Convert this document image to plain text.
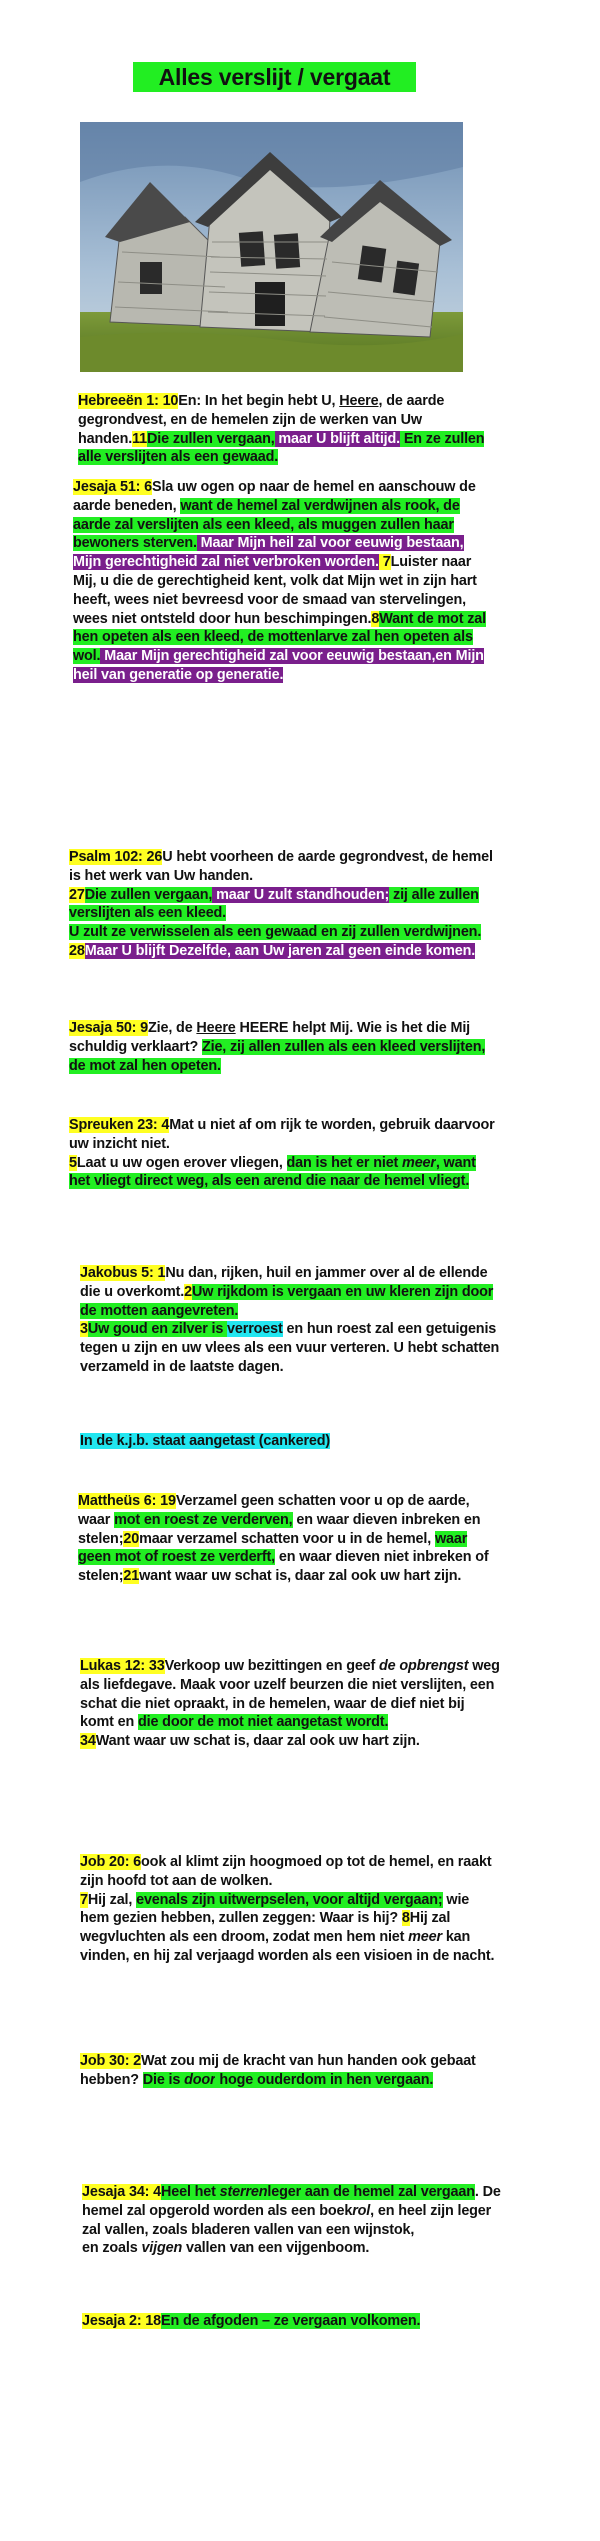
Alles verslijt / vergaat
Hebreeën 1: 10En: In het begin hebt U, Heere, de aarde gegrondvest, en de hemelen zijn de werken van Uw handen.11Die zullen vergaan, maar U blijft altijd. En ze zullen alle verslijten als een gewaad.
Jesaja 51: 6Sla uw ogen op naar de hemel en aanschouw de aarde beneden, want de hemel zal verdwijnen als rook, de aarde zal verslijten als een kleed, als muggen zullen haar bewoners sterven. Maar Mijn heil zal voor eeuwig bestaan, Mijn gerechtigheid zal niet verbroken worden. 7Luister naar Mij, u die de gerechtigheid kent, volk dat Mijn wet in zijn hart heeft, wees niet bevreesd voor de smaad van stervelingen, wees niet ontsteld door hun beschimpingen.8Want de mot zal hen opeten als een kleed, de mottenlarve zal hen opeten als wol. Maar Mijn gerechtigheid zal voor eeuwig bestaan,en Mijn heil van generatie op generatie.
Psalm 102: 26U hebt voorheen de aarde gegrondvest, de hemel is het werk van Uw handen.
27Die zullen vergaan, maar U zult standhouden; zij alle zullen verslijten als een kleed.
U zult ze verwisselen als een gewaad en zij zullen verdwijnen. 28Maar U blijft Dezelfde, aan Uw jaren zal geen einde komen.
Jesaja 50: 9Zie, de Heere HEERE helpt Mij. Wie is het die Mij schuldig verklaart? Zie, zij allen zullen als een kleed verslijten, de mot zal hen opeten.
Spreuken 23: 4Mat u niet af om rijk te worden, gebruik daarvoor uw inzicht niet.
5Laat u uw ogen erover vliegen, dan is het er niet meer, want het vliegt direct weg, als een arend die naar de hemel vliegt.
Jakobus 5: 1Nu dan, rijken, huil en jammer over al de ellende die u overkomt.2Uw rijkdom is vergaan en uw kleren zijn door de motten aangevreten.
3Uw goud en zilver is verroest en hun roest zal een getuigenis tegen u zijn en uw vlees als een vuur verteren. U hebt schatten verzameld in de laatste dagen.
In de k.j.b. staat aangetast (cankered)
Mattheüs 6: 19Verzamel geen schatten voor u op de aarde, waar mot en roest ze verderven, en waar dieven inbreken en stelen;20maar verzamel schatten voor u in de hemel, waar geen mot of roest ze verderft, en waar dieven niet inbreken of stelen;21want waar uw schat is, daar zal ook uw hart zijn.
Lukas 12: 33Verkoop uw bezittingen en geef de opbrengst weg als liefdegave. Maak voor uzelf beurzen die niet verslijten, een schat die niet opraakt, in de hemelen, waar de dief niet bij komt en die door de mot niet aangetast wordt.
34Want waar uw schat is, daar zal ook uw hart zijn.
Job 20: 6ook al klimt zijn hoogmoed op tot de hemel, en raakt zijn hoofd tot aan de wolken.
7Hij zal, evenals zijn uitwerpselen, voor altijd vergaan; wie hem gezien hebben, zullen zeggen: Waar is hij? 8Hij zal wegvluchten als een droom, zodat men hem niet meer kan vinden, en hij zal verjaagd worden als een visioen in de nacht.
Job 30: 2Wat zou mij de kracht van hun handen ook gebaat hebben? Die is door hoge ouderdom in hen vergaan.
Jesaja 34: 4Heel het sterrenleger aan de hemel zal vergaan. De hemel zal opgerold worden als een boekrol, en heel zijn leger zal vallen, zoals bladeren vallen van een wijnstok,
en zoals vijgen vallen van een vijgenboom.
Jesaja 2: 18En de afgoden – ze vergaan volkomen.
